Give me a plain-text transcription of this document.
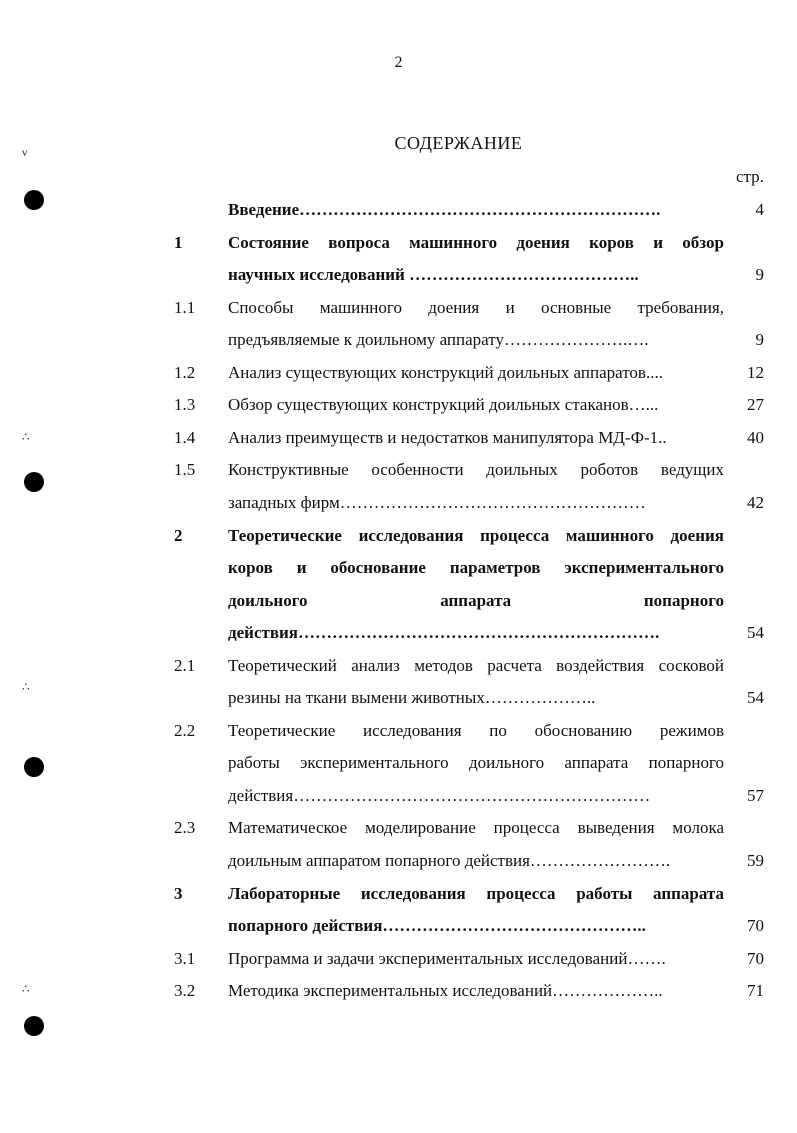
2
СОДЕРЖАНИЕ
стр.
ν
∴
∴
∴
Введение……………………………………………………….	4
1	Состояние вопроса машинного доения коров и обзор
научных исследований …………………………………..	9
1.1	Способы машинного доения и основные требования,
предъявляемые к доильному аппарату………………….….	9
1.2	Анализ существующих конструкций доильных аппаратов....	12
1.3	Обзор существующих конструкций доильных стаканов…...	27
1.4	Анализ преимуществ и недостатков манипулятора МД-Ф-1..	40
1.5	Конструктивные особенности доильных роботов ведущих
западных фирм………………………………………………	42
2	Теоретические исследования процесса машинного доения
коров и обоснование параметров экспериментального
доильного аппарата попарного
действия……………………………………………………….	54
2.1	Теоретический анализ методов расчета воздействия сосковой
резины на ткани вымени животных………………..	54
2.2	Теоретические исследования по обоснованию режимов
работы экспериментального доильного аппарата попарного
действия………………………………………………………	57
2.3	Математическое моделирование процесса выведения молока
доильным аппаратом попарного действия…………………….	59
3	Лабораторные исследования процесса работы аппарата
попарного действия………………………………………..	70
3.1	Программа и задачи экспериментальных исследований…….	70
3.2	Методика экспериментальных исследований………………..	71
